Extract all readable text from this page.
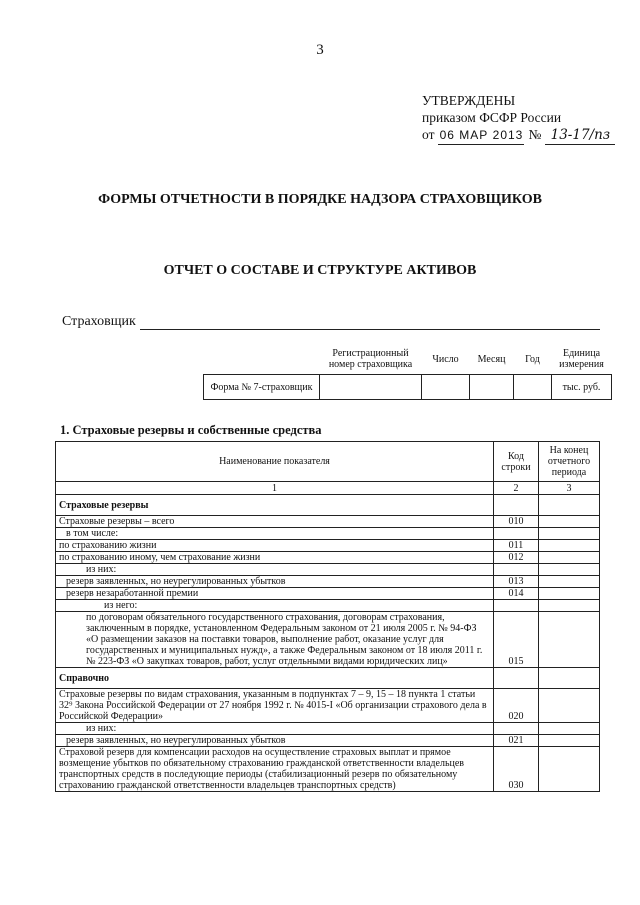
3
УТВЕРЖДЕНЫ
приказом ФСФР России
от 06 МАР 2013 № 13-17/пз
ФОРМЫ ОТЧЕТНОСТИ В ПОРЯДКЕ НАДЗОРА СТРАХОВЩИКОВ
ОТЧЕТ О СОСТАВЕ И СТРУКТУРЕ АКТИВОВ
Страховщик
	Регистрационный номер страховщика	Число	Месяц	Год	Единица измерения
Форма № 7-страховщик					тыс. руб.
1. Страховые резервы и собственные средства
Наименование показателя	Код строки	На конец отчетного периода
1	2	3
Страховые резервы		
Страховые резервы – всего	010	
в том числе:		
по страхованию жизни	011	
по страхованию иному, чем страхование жизни	012	
из них:		
резерв заявленных, но неурегулированных убытков	013	
резерв незаработанной премии	014	
из него:		
по договорам обязательного государственного страхования, договорам страхования, заключенным в порядке, установленном Федеральным законом от 21 июля 2005 г. № 94-ФЗ «О размещении заказов на поставки товаров, выполнение работ, оказание услуг для государственных и муниципальных нужд», а также Федеральным законом от 18 июля 2011 г. № 223-ФЗ «О закупках товаров, работ, услуг отдельными видами юридических лиц»	015	
Справочно		
Страховые резервы по видам страхования, указанным в подпунктах 7 – 9, 15 – 18 пункта 1 статьи 32⁹ Закона Российской Федерации от 27 ноября 1992 г. № 4015-I «Об организации страхового дела в Российской Федерации»	020	
из них:		
резерв заявленных, но неурегулированных убытков	021	
Страховой резерв для компенсации расходов на осуществление страховых выплат и прямое возмещение убытков по обязательному страхованию гражданской ответственности владельцев транспортных средств в последующие периоды (стабилизационный резерв по обязательному страхованию гражданской ответственности владельцев транспортных средств)	030	
